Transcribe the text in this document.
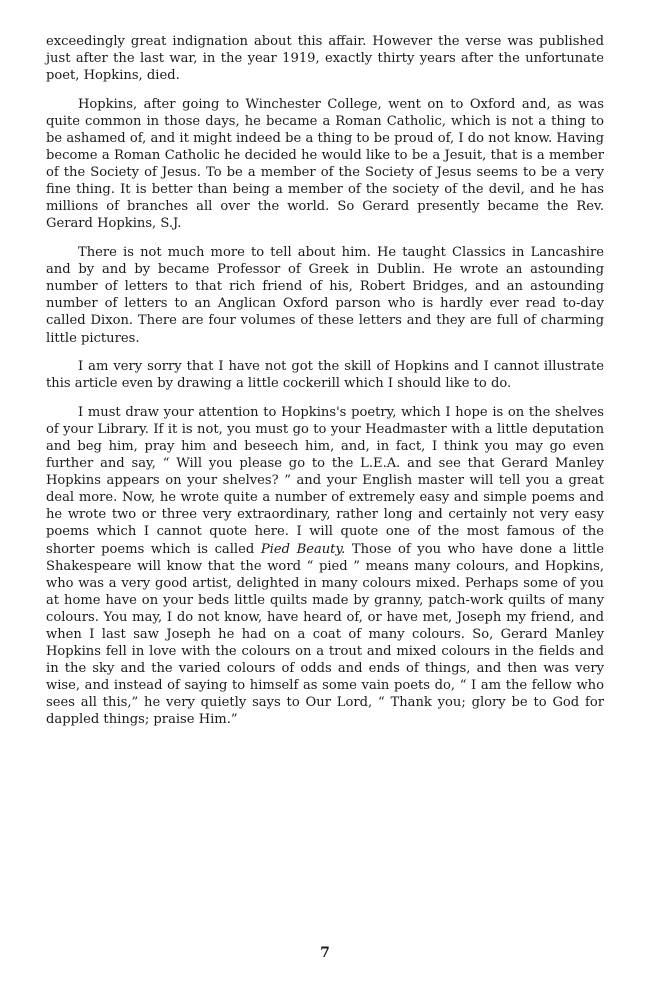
exceedingly great indignation about this affair. However the verse was published just after the last war, in the year 1919, exactly thirty years after the unfortunate poet, Hopkins, died.

Hopkins, after going to Winchester College, went on to Oxford and, as was quite common in those days, he became a Roman Catholic, which is not a thing to be ashamed of, and it might indeed be a thing to be proud of, I do not know. Having become a Roman Catholic he decided he would like to be a Jesuit, that is a member of the Society of Jesus. To be a member of the Society of Jesus seems to be a very fine thing. It is better than being a member of the society of the devil, and he has millions of branches all over the world. So Gerard presently became the Rev. Gerard Hopkins, S.J.

There is not much more to tell about him. He taught Classics in Lancashire and by and by became Professor of Greek in Dublin. He wrote an astounding number of letters to that rich friend of his, Robert Bridges, and an astounding number of letters to an Anglican Oxford parson who is hardly ever read to-day called Dixon. There are four volumes of these letters and they are full of charming little pictures.

I am very sorry that I have not got the skill of Hopkins and I cannot illustrate this article even by drawing a little cockerill which I should like to do.

I must draw your attention to Hopkins's poetry, which I hope is on the shelves of your Library. If it is not, you must go to your Headmaster with a little deputation and beg him, pray him and beseech him, and, in fact, I think you may go even further and say, “ Will you please go to the L.E.A. and see that Gerard Manley Hopkins appears on your shelves? ” and your English master will tell you a great deal more. Now, he wrote quite a number of extremely easy and simple poems and he wrote two or three very extraordinary, rather long and certainly not very easy poems which I cannot quote here. I will quote one of the most famous of the shorter poems which is called Pied Beauty. Those of you who have done a little Shakespeare will know that the word “ pied ” means many colours, and Hopkins, who was a very good artist, delighted in many colours mixed. Perhaps some of you at home have on your beds little quilts made by granny, patch-work quilts of many colours. You may, I do not know, have heard of, or have met, Joseph my friend, and when I last saw Joseph he had on a coat of many colours. So, Gerard Manley Hopkins fell in love with the colours on a trout and mixed colours in the fields and in the sky and the varied colours of odds and ends of things, and then was very wise, and instead of saying to himself as some vain poets do, “ I am the fellow who sees all this,” he very quietly says to Our Lord, “ Thank you; glory be to God for dappled things; praise Him.”

7
